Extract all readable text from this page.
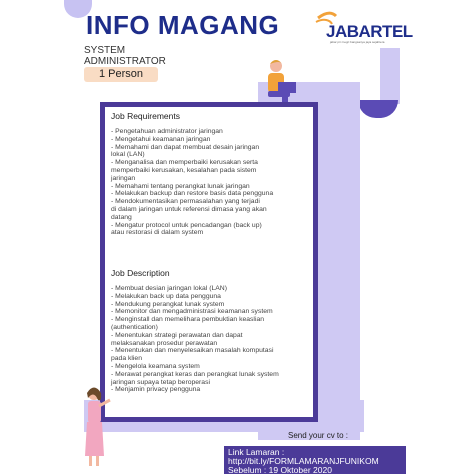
INFO MAGANG
SYSTEM
ADMINISTRATOR
1 Person
JABARTEL
jabar pri rnegri bangsanya jaya sejahtera
Job Requirements
- Pengetahuan administrator jaringan
- Mengetahui keamanan jaringan
- Memahami dan dapat membuat desain jaringan
lokal (LAN)
- Menganalisa dan memperbaiki kerusakan serta
memperbaiki kerusakan, kesalahan pada sistem
jaringan
- Memahami tentang perangkat lunak jaringan
- Melakukan backup dan restore basis data pengguna
- Mendokumentasikan permasalahan yang terjadi
di dalam jaringan untuk referensi dimasa yang akan
datang
- Mengatur protocol untuk pencadangan (back up)
atau restorasi di dalam system
Job Description
- Membuat desian jaringan lokal (LAN)
- Melakukan back up data pengguna
- Mendukung perangkat lunak system
- Memonitor dan mengadministrasi keamanan system
- Menginstall dan memelihara pembuktian keaslian
(authentication)
- Menentukan strategi perawatan dan dapat
melaksanakan prosedur perawatan
- Menentukan dan menyelesaikan masalah komputasi
pada klien
- Mengelola keamana system
- Merawat perangkat keras dan perangkat lunak system
jaringan supaya tetap beroperasi
- Menjamin privacy pengguna
Send your cv to :
Link Lamaran :
http://bit.ly/FORMLAMARANJFUNIKOM
Sebelum : 19 Oktober 2020
